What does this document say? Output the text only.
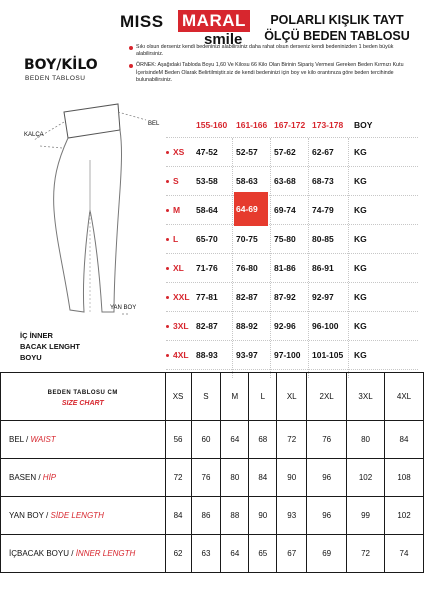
MISS MARAL
smile
POLARLI KIŞLIK TAYT
ÖLÇÜ BEDEN TABLOSU
Sıkı olsun derseniz kendi bedeninizi alabilirsiniz daha rahat olsun derseniz kendi bedeninizden 1 beden büyük alabilirsiniz.
ÖRNEK: Aşağıdaki Tabloda Boyu 1,60 Ve Kilosu 66 Kilo Olan Birinin Sipariş Vermesi Gereken Beden Kırmızı Kutu İçerisindeM Beden Olarak Belirtilmiştir.siz de kendi bedeninizi için boy ve kilo orantınıza göre beden tercihinde bulunabilirsiniz.
BOY/KİLO
BEDEN TABLOSU
BEL
KALÇA
YAN BOY
İÇ İNNER
BACAK LENGHT
BOYU
155-160 161-166 167-172 173-178 BOY
XS 47-52	52-57	57-62	62-67	KG
S 53-58	58-63	63-68	68-73	KG
M 58-64	64-69	69-74	74-79	KG
L 65-70	70-75	75-80	80-85	KG
XL 71-76	76-80	81-86	86-91	KG
XXL 77-81	82-87	87-92	92-97	KG
3XL 82-87	88-92	92-96	96-100	KG
4XL 88-93	93-97	97-100	101-105	KG
BEDEN TABLOSU CM
SIZE CHART	XS	S	M	L	XL	2XL	3XL	4XL
BEL / WAIST	56	60	64	68	72	76	80	84
BASEN / HİP	72	76	80	84	90	96	102	108
YAN BOY / SİDE LENGTH	84	86	88	90	93	96	99	102
İÇBACAK BOYU / İNNER LENGTH	62	63	64	65	67	69	72	74
